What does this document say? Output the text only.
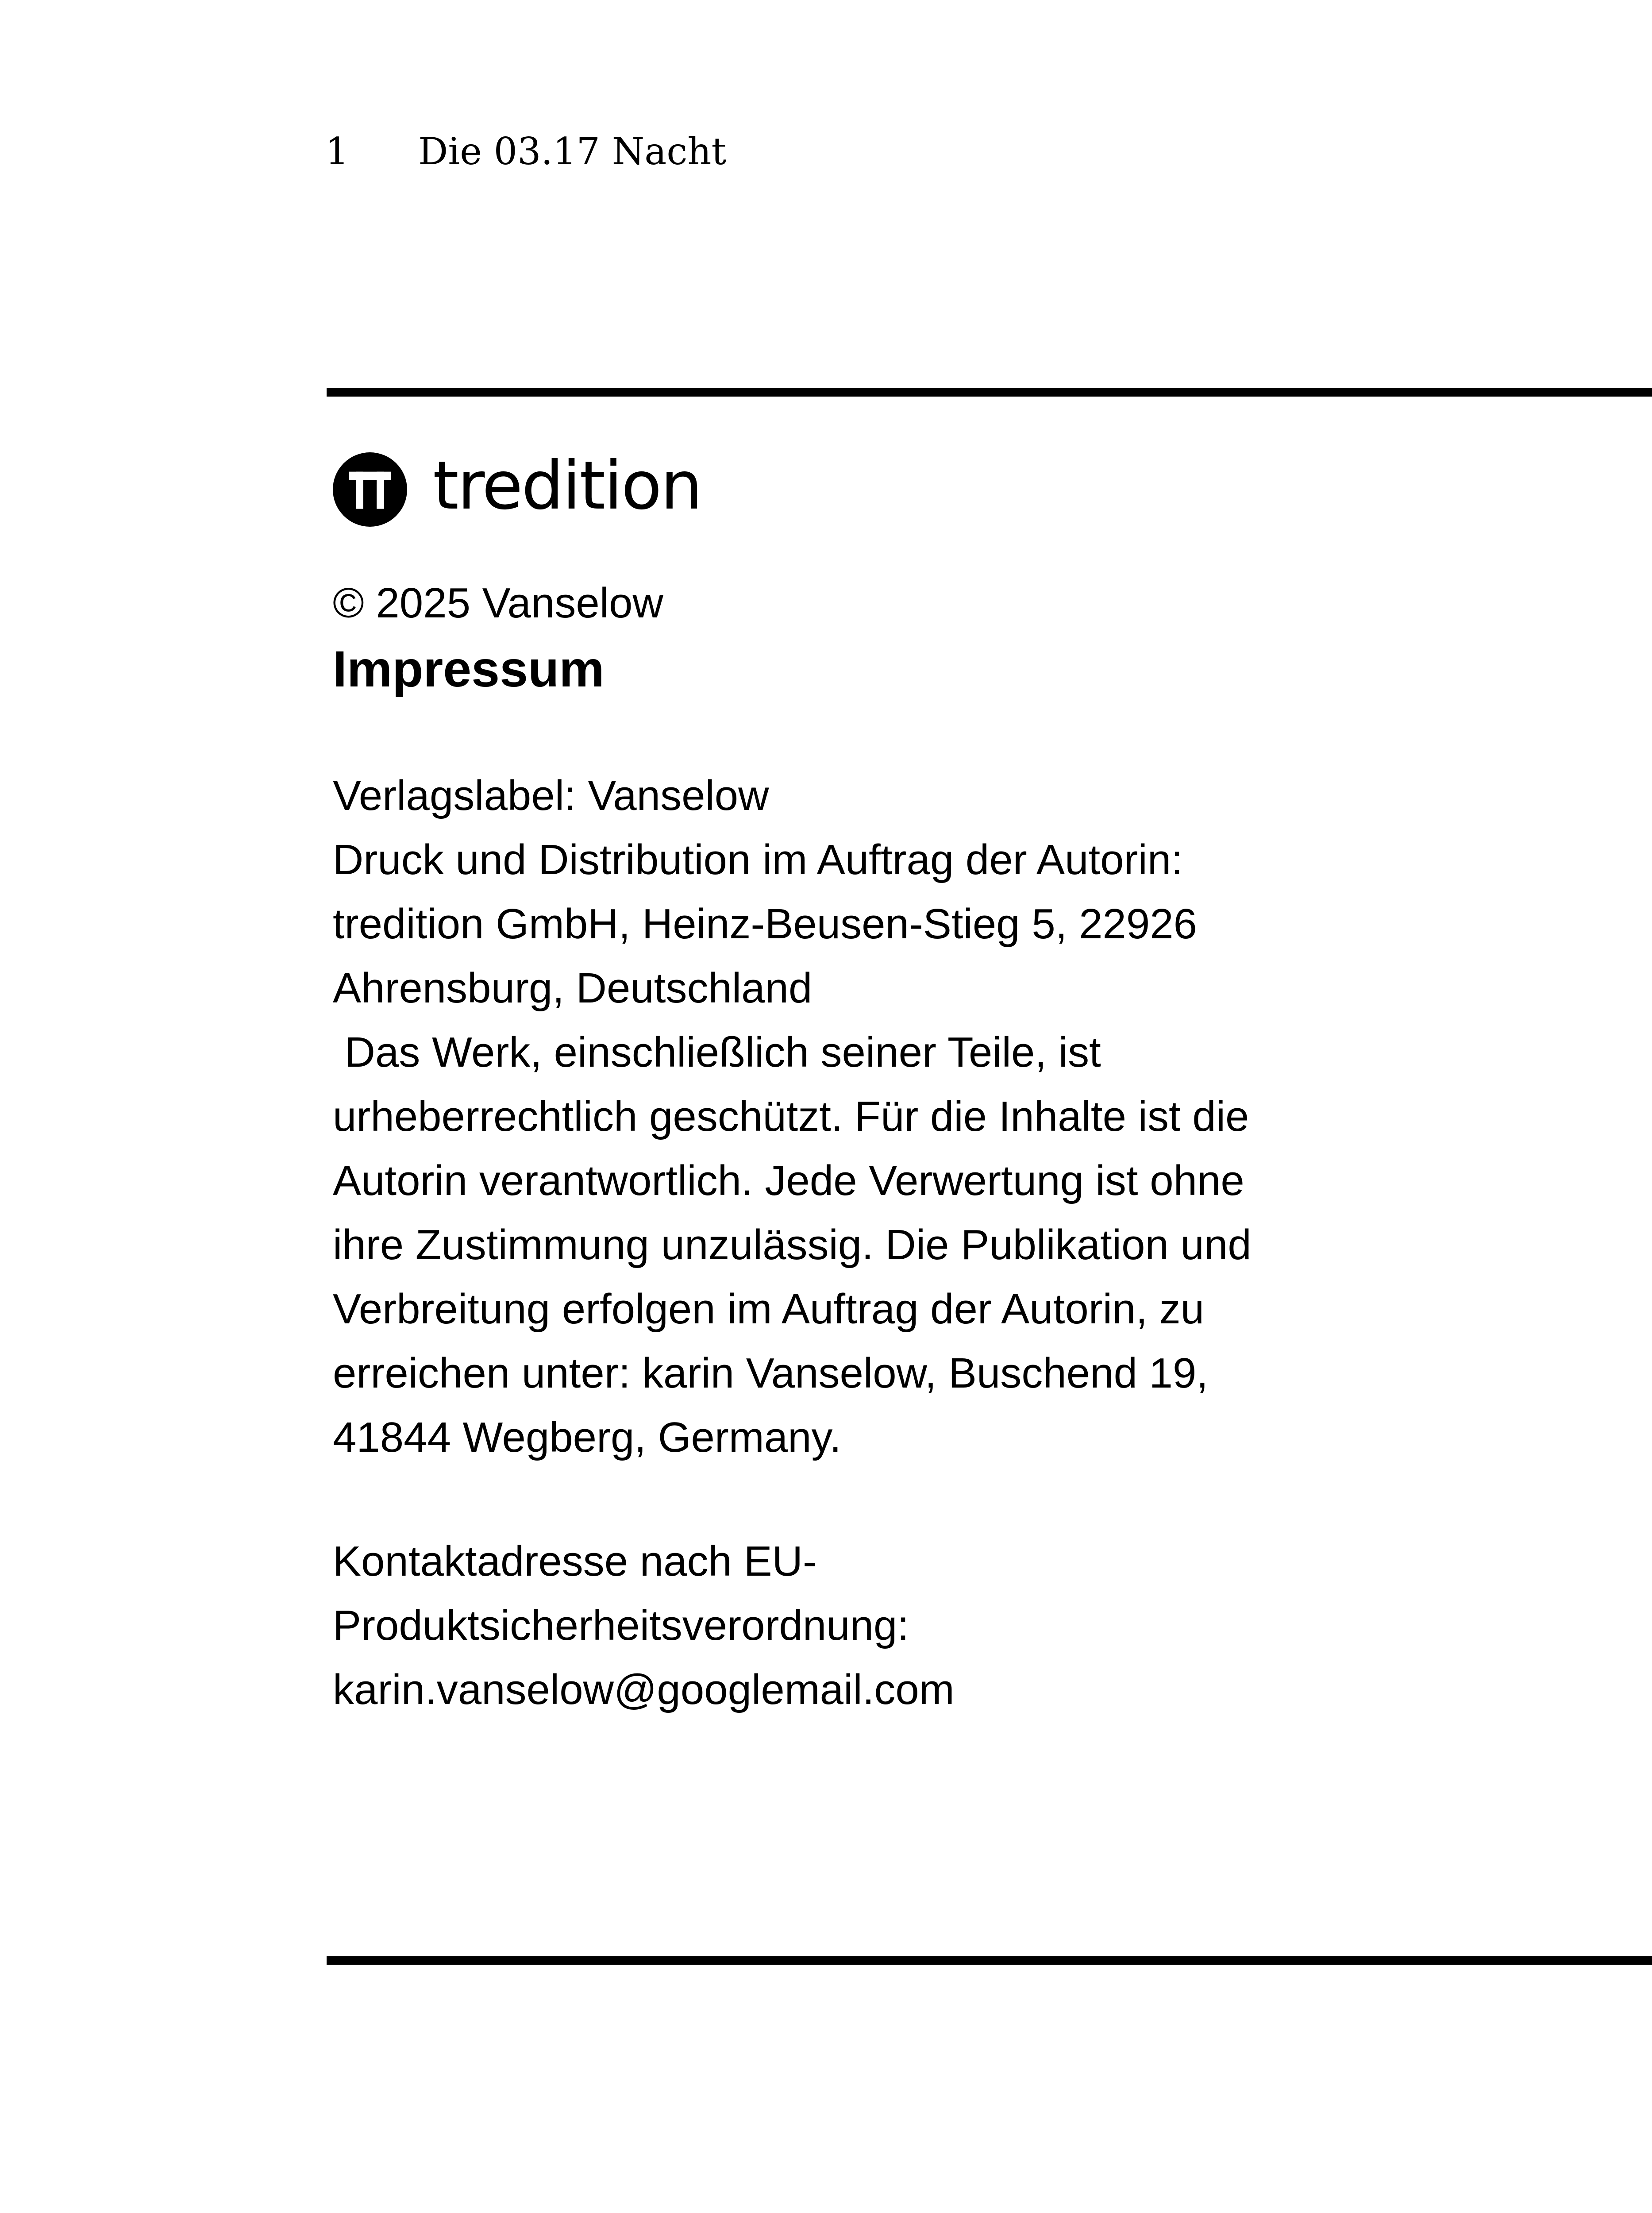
1 Die 03.17 Nacht
tredition

© 2025 Vanselow

Impressum

Verlagslabel: Vanselow

Druck und Distribution im Auftrag der Autorin:

tredition GmbH, Heinz-Beusen-Stieg 5, 22926

Ahrensburg, Deutschland

Das Werk, einschließlich seiner Teile, ist

urheberrechtlich geschützt. Für die Inhalte ist die

Autorin verantwortlich. Jede Verwertung ist ohne

ihre Zustimmung unzulässig. Die Publikation und

Verbreitung erfolgen im Auftrag der Autorin, zu

erreichen unter: karin Vanselow, Buschend 19,

41844 Wegberg, Germany.

Kontaktadresse nach EU-

Produktsicherheitsverordnung:

karin.vanselow@googlemail.com
